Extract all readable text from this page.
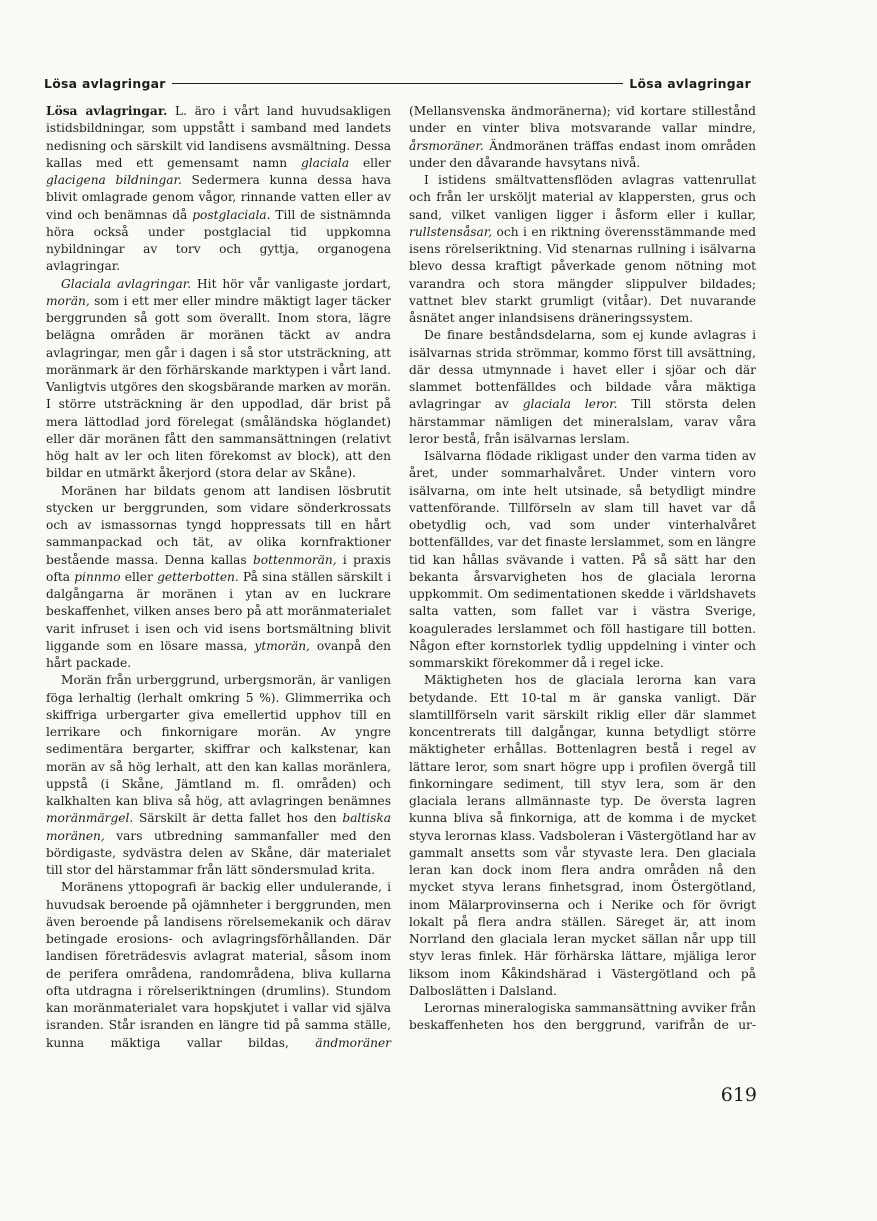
Lösa avlagringar	Lösa avlagringar

Lösa avlagringar. L. äro i vårt land huvudsakligen istidsbildningar, som uppstått i samband med landets nedisning och särskilt vid landisens avsmältning. Dessa kallas med ett gemensamt namn glaciala eller glacigena bildningar. Sedermera kunna dessa hava blivit omlagrade genom vågor, rinnande vatten eller av vind och benämnas då postglaciala. Till de sistnämnda höra också under postglacial tid uppkomna nybildningar av torv och gyttja, organogena avlagringar.

Glaciala avlagringar. Hit hör vår vanligaste jordart, morän, som i ett mer eller mindre mäktigt lager täcker berggrunden så gott som överallt. Inom stora, lägre belägna områden är moränen täckt av andra avlagringar, men går i dagen i så stor utsträckning, att moränmark är den förhärskande marktypen i vårt land. Vanligtvis utgöres den skogsbärande marken av morän. I större utsträckning är den uppodlad, där brist på mera lättodlad jord förelegat (småländska höglandet) eller där moränen fått den sammansättningen (relativt hög halt av ler och liten förekomst av block), att den bildar en utmärkt åkerjord (stora delar av Skåne).

Moränen har bildats genom att landisen lösbrutit stycken ur berggrunden, som vidare sönderkrossats och av ismassornas tyngd hoppressats till en hårt sammanpackad och tät, av olika kornfraktioner bestående massa. Denna kallas bottenmorän, i praxis ofta pinnmo eller getterbotten. På sina ställen särskilt i dalgångarna är moränen i ytan av en luckrare beskaffenhet, vilken anses bero på att moränmaterialet varit infruset i isen och vid isens bortsmältning blivit liggande som en lösare massa, ytmorän, ovanpå den hårt packade.

Morän från urberggrund, urbergsmorän, är vanligen föga lerhaltig (lerhalt omkring 5 %). Glimmerrika och skiffriga urbergarter giva emellertid upphov till en lerrikare och finkornigare morän. Av yngre sedimentära bergarter, skiffrar och kalkstenar, kan morän av så hög lerhalt, att den kan kallas moränlera, uppstå (i Skåne, Jämtland m. fl. områden) och kalkhalten kan bliva så hög, att avlagringen benämnes moränmärgel. Särskilt är detta fallet hos den baltiska moränen, vars utbredning sammanfaller med den bördigaste, sydvästra delen av Skåne, där materialet till stor del härstammar från lätt söndersmulad krita.

Moränens yttopografi är backig eller undulerande, i huvudsak beroende på ojämnheter i berggrunden, men även beroende på landisens rörelsemekanik och därav betingade erosions- och avlagringsförhållanden. Där landisen företrädesvis avlagrat material, såsom inom de perifera områdena, randområdena, bliva kullarna ofta utdragna i rörelseriktningen (drumlins). Stundom kan moränmaterialet vara hopskjutet i vallar vid själva isranden. Står isranden en längre tid på samma ställe, kunna mäktiga vallar bildas, ändmoräner

(Mellansvenska ändmoränerna); vid kortare stillestånd under en vinter bliva motsvarande vallar mindre, årsmoräner. Ändmoränen träffas endast inom områden under den dåvarande havsytans nivå.

I istidens smältvattensflöden avlagras vattenrullat och från ler ursköljt material av klappersten, grus och sand, vilket vanligen ligger i åsform eller i kullar, rullstensåsar, och i en riktning överensstämmande med isens rörelseriktning. Vid stenarnas rullning i isälvarna blevo dessa kraftigt påverkade genom nötning mot varandra och stora mängder slippulver bildades; vattnet blev starkt grumligt (vitåar). Det nuvarande åsnätet anger inlandsisens dräneringssystem.

De finare beståndsdelarna, som ej kunde avlagras i isälvarnas strida strömmar, kommo först till avsättning, där dessa utmynnade i havet eller i sjöar och där slammet bottenfälldes och bildade våra mäktiga avlagringar av glaciala leror. Till största delen härstammar nämligen det mineralslam, varav våra leror bestå, från isälvarnas lerslam.

Isälvarna flödade rikligast under den varma tiden av året, under sommarhalvåret. Under vintern voro isälvarna, om inte helt utsinade, så betydligt mindre vattenförande. Tillförseln av slam till havet var då obetydlig och, vad som under vinterhalvåret bottenfälldes, var det finaste lerslammet, som en längre tid kan hållas svävande i vatten. På så sätt har den bekanta årsvarvigheten hos de glaciala lerorna uppkommit. Om sedimentationen skedde i världshavets salta vatten, som fallet var i västra Sverige, koagulerades lerslammet och föll hastigare till botten. Någon efter kornstorlek tydlig uppdelning i vinter och sommarskikt förekommer då i regel icke.

Mäktigheten hos de glaciala lerorna kan vara betydande. Ett 10-tal m är ganska vanligt. Där slamtillförseln varit särskilt riklig eller där slammet koncentrerats till dalgångar, kunna betydligt större mäktigheter erhållas. Bottenlagren bestå i regel av lättare leror, som snart högre upp i profilen övergå till finkorningare sediment, till styv lera, som är den glaciala lerans allmännaste typ. De översta lagren kunna bliva så finkorniga, att de komma i de mycket styva lerornas klass. Vadsboleran i Västergötland har av gammalt ansetts som vår styvaste lera. Den glaciala leran kan dock inom flera andra områden nå den mycket styva lerans finhetsgrad, inom Östergötland, inom Mälarprovinserna och i Nerike och för övrigt lokalt på flera andra ställen. Säreget är, att inom Norrland den glaciala leran mycket sällan når upp till styv leras finlek. Här förhärska lättare, mjäliga leror liksom inom Kåkindshärad i Västergötland och på Dalboslätten i Dalsland.

Lerornas mineralogiska sammansättning avviker från beskaffenheten hos den berggrund, varifrån de ur-

619
